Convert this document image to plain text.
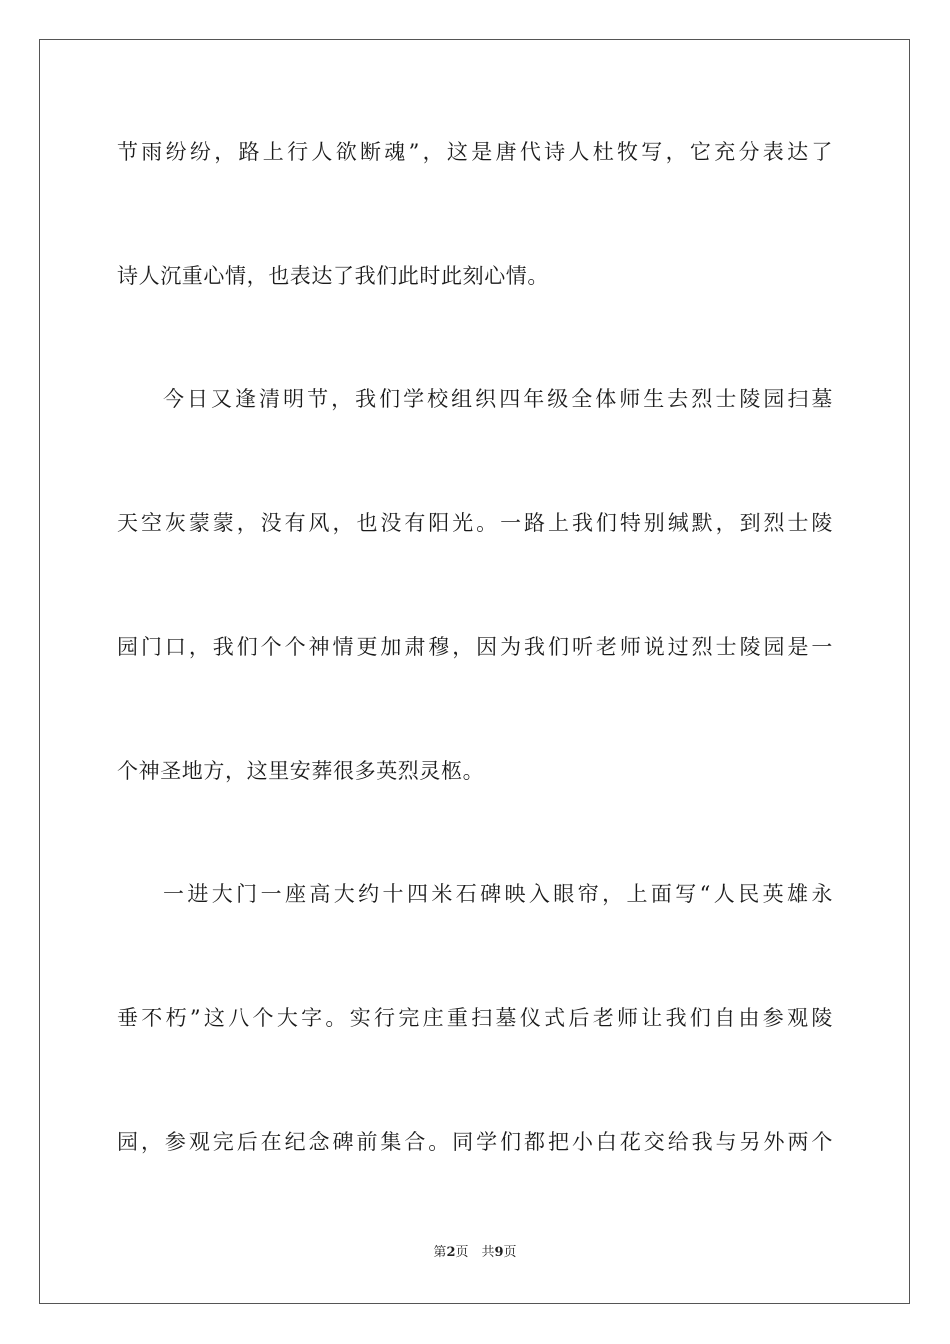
节雨纷纷，路上行人欲断魂”，这是唐代诗人杜牧写，它充分表达了
诗人沉重心情，也表达了我们此时此刻心情。
今日又逢清明节，我们学校组织四年级全体师生去烈士陵园扫墓
天空灰蒙蒙，没有风，也没有阳光。一路上我们特别缄默，到烈士陵
园门口，我们个个神情更加肃穆，因为我们听老师说过烈士陵园是一
个神圣地方，这里安葬很多英烈灵柩。
一进大门一座高大约十四米石碑映入眼帘，上面写“人民英雄永
垂不朽”这八个大字。实行完庄重扫墓仪式后老师让我们自由参观陵
园，参观完后在纪念碑前集合。同学们都把小白花交给我与另外两个
第2页　共9页
